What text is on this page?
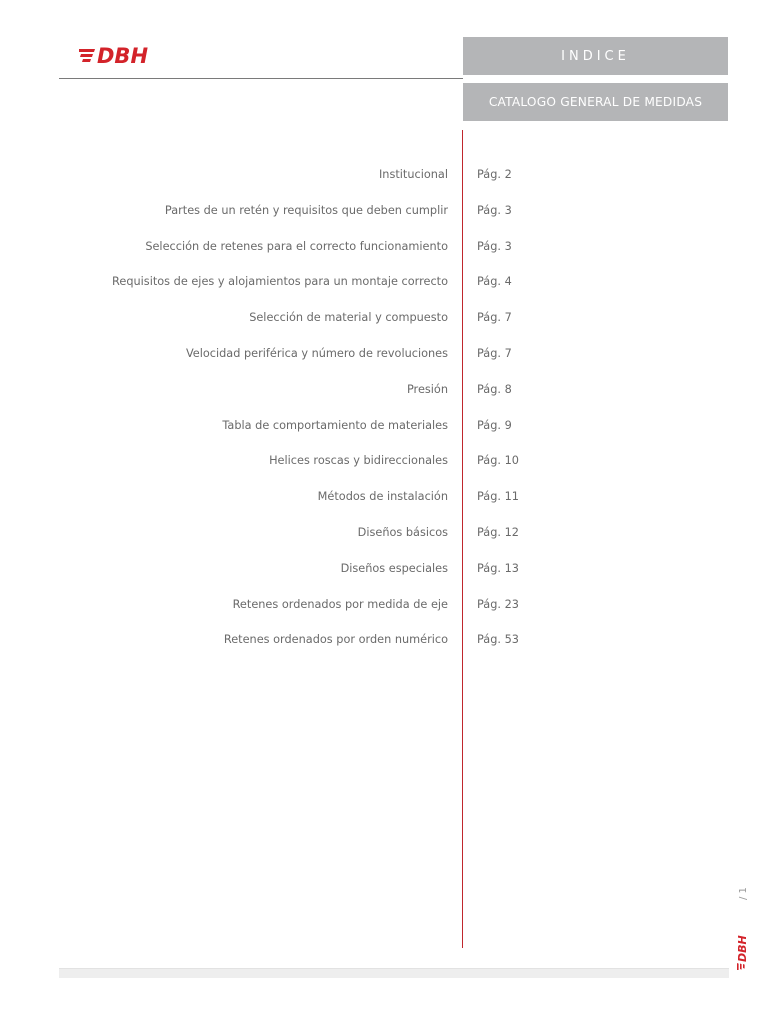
DBH	INDICE
CATALOGO GENERAL DE MEDIDAS
Institucional	Pág. 2
Partes de un retén y requisitos que deben cumplir	Pág. 3
Selección de retenes para el correcto funcionamiento	Pág. 3
Requisitos de ejes y alojamientos para un montaje correcto	Pág. 4
Selección de material y compuesto	Pág. 7
Velocidad periférica y número de revoluciones	Pág. 7
Presión	Pág. 8
Tabla de comportamiento de materiales	Pág. 9
Helices roscas y bidireccionales	Pág. 10
Métodos de instalación	Pág. 11
Diseños básicos	Pág. 12
Diseños especiales	Pág. 13
Retenes ordenados por medida de eje	Pág. 23
Retenes ordenados por orden numérico	Pág. 53
/ 1
DBH
